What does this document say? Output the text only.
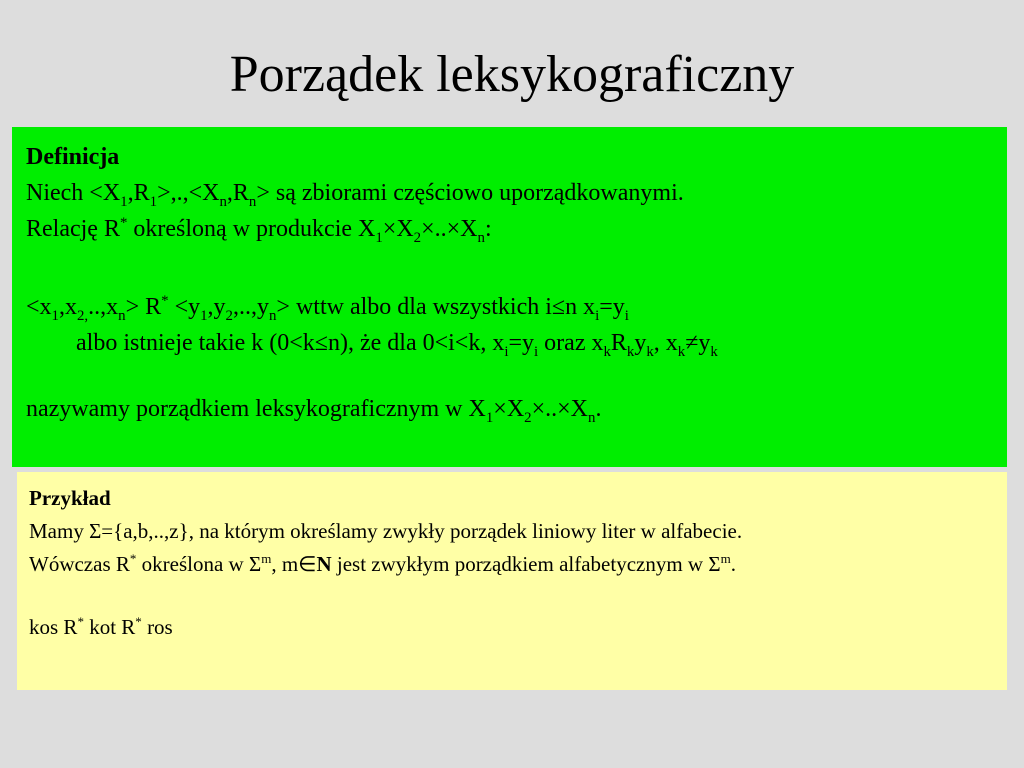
Porządek leksykograficzny
Definicja
Niech $<X_1,R_1>,.,<X_n,R_n>$ są zbiorami częściowo uporządkowanymi.
Relację R* określoną w produkcie $X_1\times X_2\times..\times X_n$:
$<x_1,x_{2,}..,x_n> R^* <y_1,y_2,..,y_n>$ wttw albo dla wszystkich i≤n $x_i=y_i$
albo istnieje takie k (0<k≤n), że dla 0<i<k, $x_i=y_i$ oraz $x_kR_ky_k$, $x_k\ne y_k$
nazywamy porządkiem leksykograficznym w $X_1\times X_2\times..\times X_n$.
Przykład
Mamy Σ={a,b,..,z}, na którym określamy zwykły porządek liniowy liter w alfabecie.
Wówczas R* określona w $\Sigma^m$, m∈N jest zwykłym porządkiem alfabetycznym w $\Sigma^m$.
kos R* kot R* ros
